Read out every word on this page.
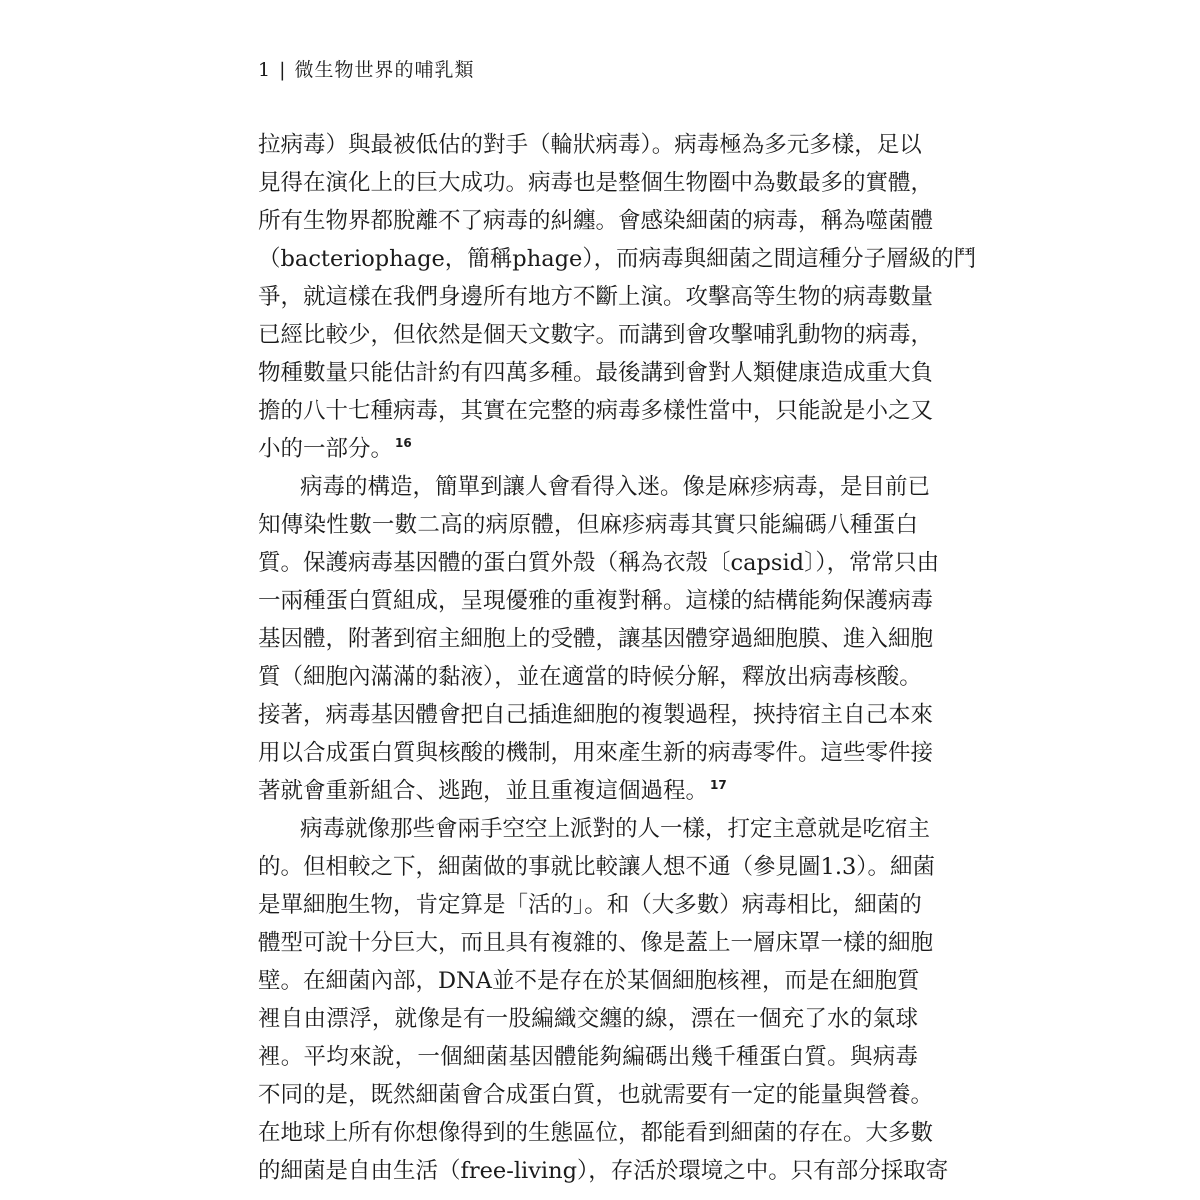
1 | 微生物世界的哺乳類
拉病毒）與最被低估的對手（輪狀病毒）。病毒極為多元多樣，足以
見得在演化上的巨大成功。病毒也是整個生物圈中為數最多的實體，
所有生物界都脫離不了病毒的糾纏。會感染細菌的病毒，稱為噬菌體
（bacteriophage，簡稱phage），而病毒與細菌之間這種分子層級的鬥
爭，就這樣在我們身邊所有地方不斷上演。攻擊高等生物的病毒數量
已經比較少，但依然是個天文數字。而講到會攻擊哺乳動物的病毒，
物種數量只能估計約有四萬多種。最後講到會對人類健康造成重大負
擔的八十七種病毒，其實在完整的病毒多樣性當中，只能說是小之又
小的一部分。 $^{16}$
病毒的構造，簡單到讓人會看得入迷。像是麻疹病毒，是目前已
知傳染性數一數二高的病原體，但麻疹病毒其實只能編碼八種蛋白
質。保護病毒基因體的蛋白質外殼（稱為衣殼〔capsid〕），常常只由
一兩種蛋白質組成，呈現優雅的重複對稱。這樣的結構能夠保護病毒
基因體，附著到宿主細胞上的受體，讓基因體穿過細胞膜、進入細胞
質（細胞內滿滿的黏液），並在適當的時候分解，釋放出病毒核酸。
接著，病毒基因體會把自己插進細胞的複製過程，挾持宿主自己本來
用以合成蛋白質與核酸的機制，用來產生新的病毒零件。這些零件接
著就會重新組合、逃跑，並且重複這個過程。 $^{17}$
病毒就像那些會兩手空空上派對的人一樣，打定主意就是吃宿主
的。但相較之下，細菌做的事就比較讓人想不通（參見圖1.3）。細菌
是單細胞生物，肯定算是「活的」。和（大多數）病毒相比，細菌的
體型可說十分巨大，而且具有複雜的、像是蓋上一層床罩一樣的細胞
壁。在細菌內部，DNA並不是存在於某個細胞核裡，而是在細胞質
裡自由漂浮，就像是有一股編織交纏的線，漂在一個充了水的氣球
裡。平均來說，一個細菌基因體能夠編碼出幾千種蛋白質。與病毒
不同的是，既然細菌會合成蛋白質，也就需要有一定的能量與營養。
在地球上所有你想像得到的生態區位，都能看到細菌的存在。大多數
的細菌是自由生活（free-living），存活於環境之中。只有部分採取寄
